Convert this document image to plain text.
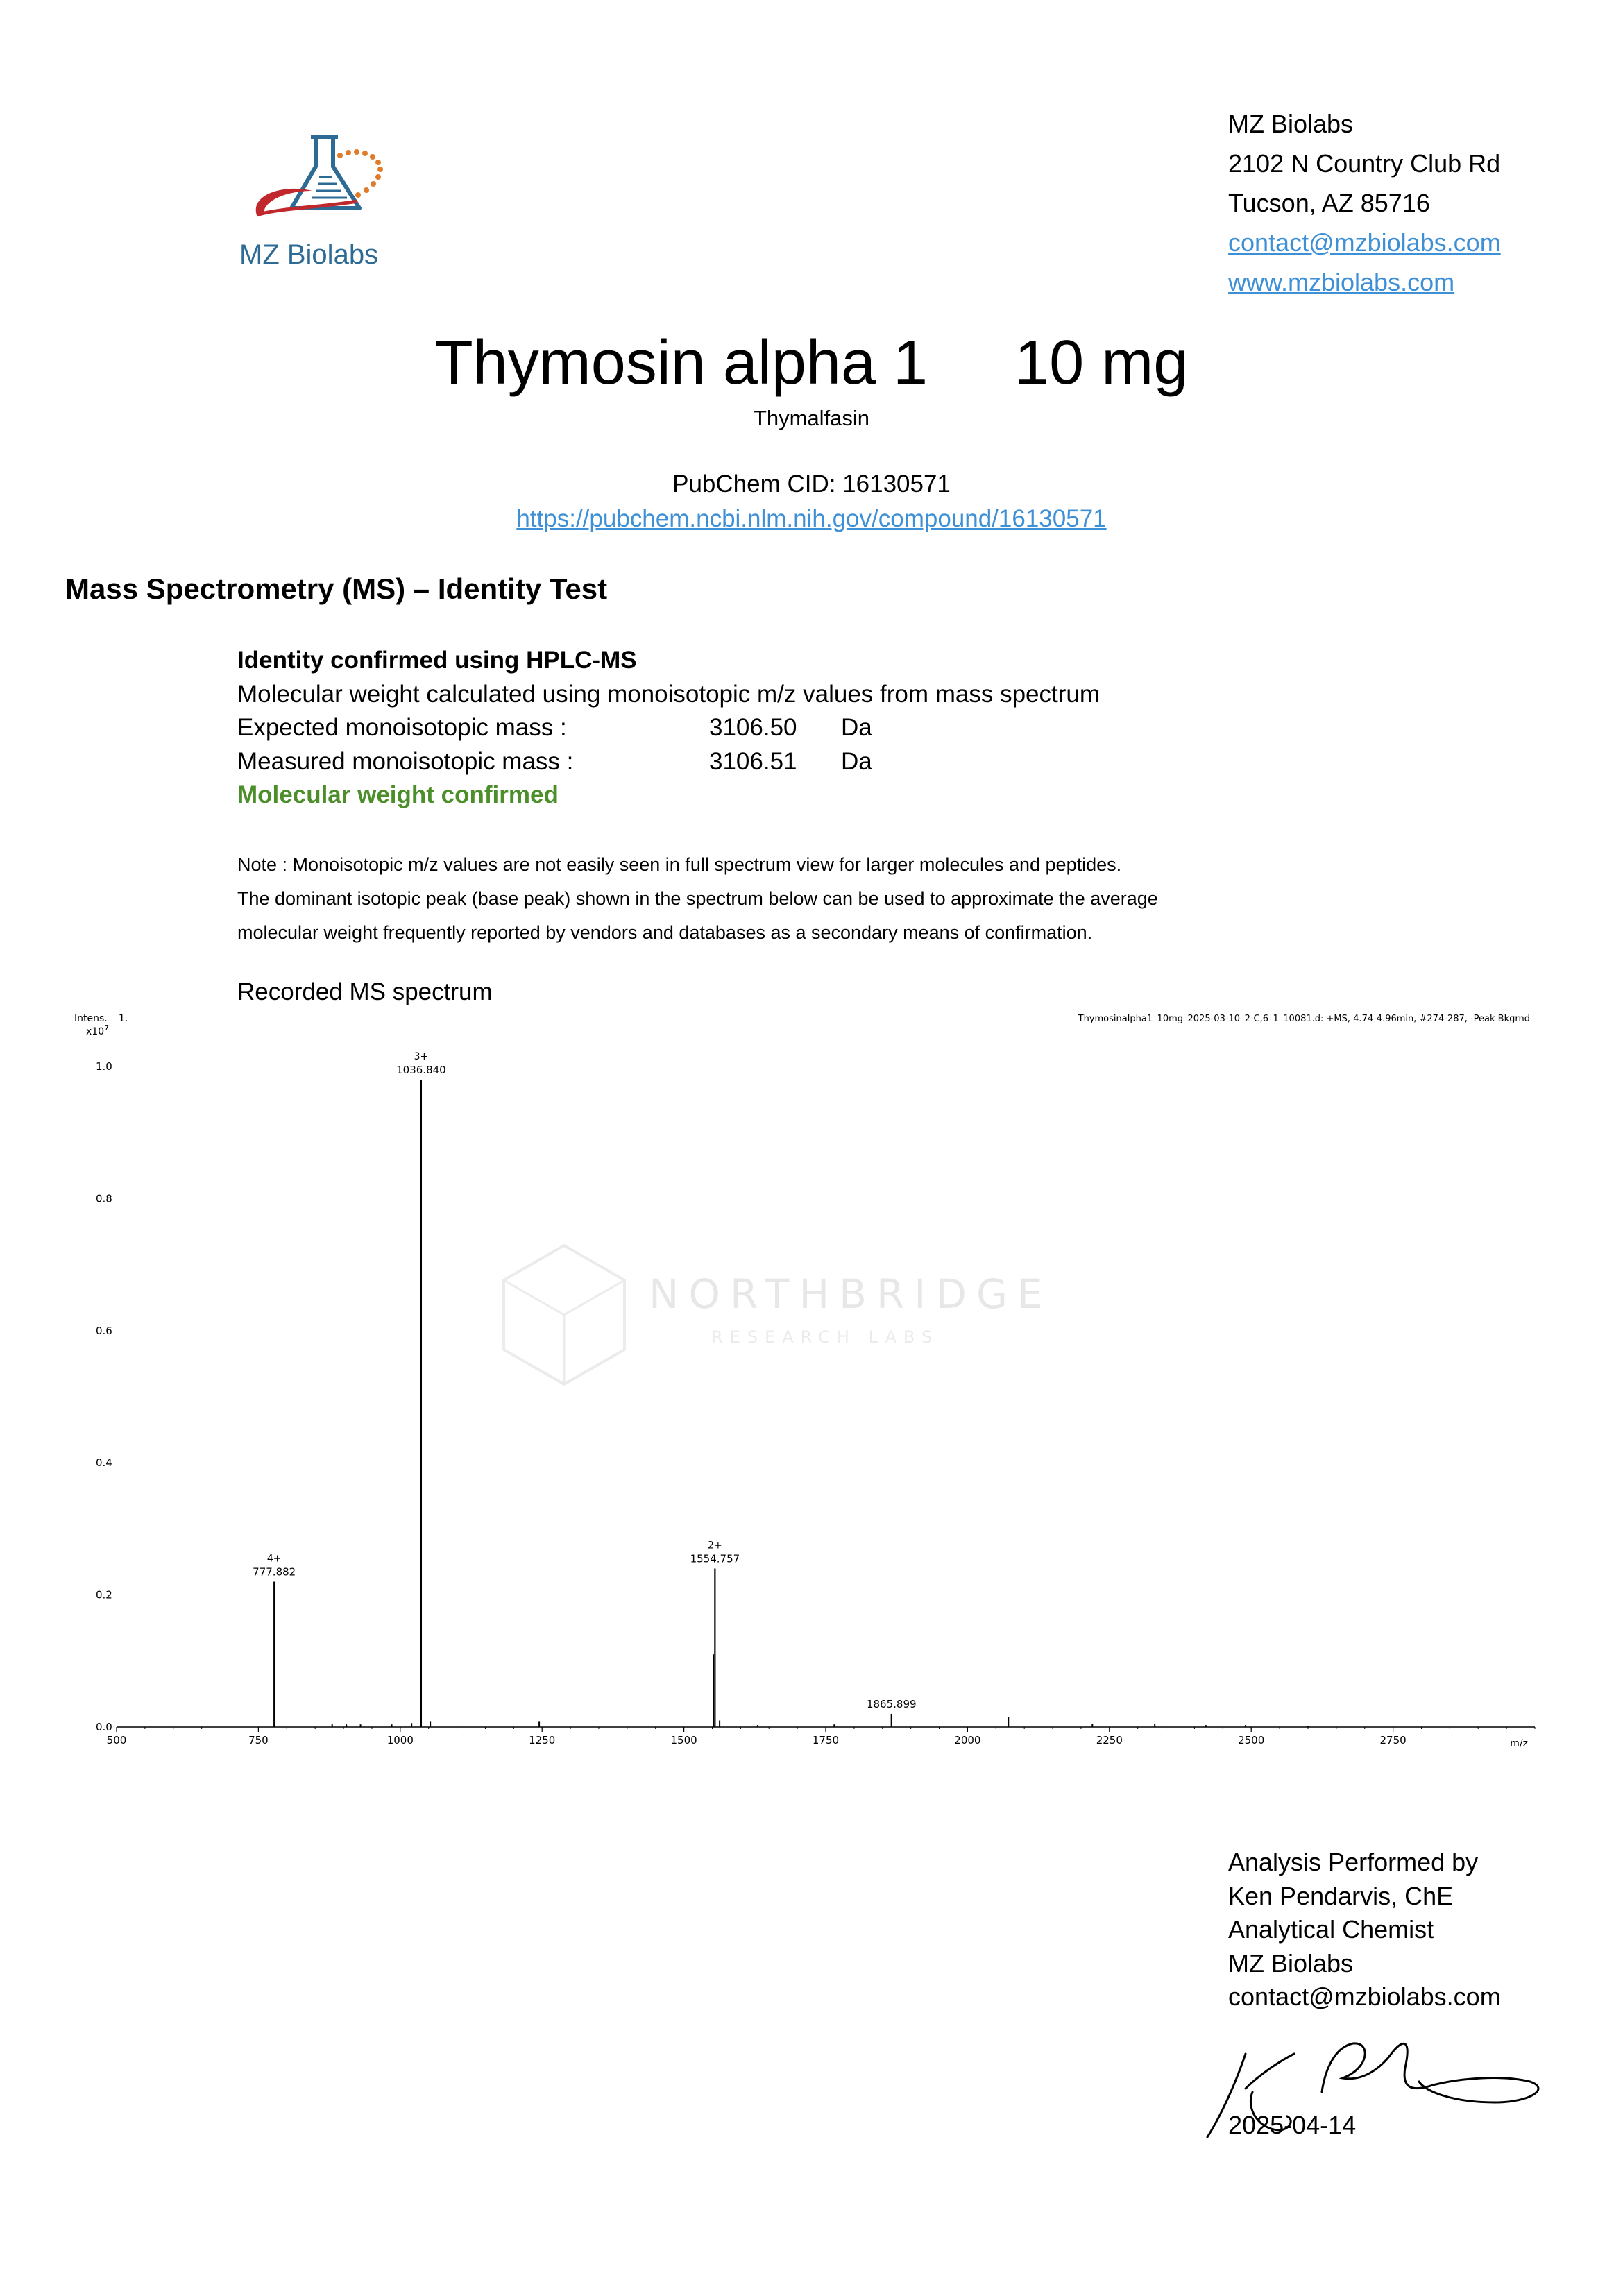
MZ Biolabs
MZ Biolabs
2102 N Country Club Rd
Tucson, AZ 85716
contact@mzbiolabs.com
www.mzbiolabs.com
Thymosin alpha 1     10 mg
Thymalfasin
PubChem CID: 16130571
https://pubchem.ncbi.nlm.nih.gov/compound/16130571
Mass Spectrometry (MS) – Identity Test
Identity confirmed using HPLC-MS
Molecular weight calculated using monoisotopic m/z values from mass spectrum
Expected monoisotopic mass :	3106.50 Da
Measured monoisotopic mass :	3106.51 Da
Molecular weight confirmed
Note : Monoisotopic m/z values are not easily seen in full spectrum view for larger molecules and peptides.
The dominant isotopic peak (base peak) shown in the spectrum below can be used to approximate the average
molecular weight frequently reported by vendors and databases as a secondary means of confirmation.
Recorded MS spectrum
NORTHBRIDGE
RESEARCH LABS
Intens. 1.
$x10^7$
Thymosinalpha1_10mg_2025-03-10_2-C,6_1_10081.d: +MS, 4.74-4.96min, #274-287, -Peak Bkgrnd
m/z
500	750	1000	1250	1500	1750	2000	2250	2500	2750
0.0
0.2
0.4
0.6
0.8
1.0
777.882
4+
1036.840
3+
1554.757
2+
1865.899
Analysis Performed by
Ken Pendarvis, ChE
Analytical Chemist
MZ Biolabs
contact@mzbiolabs.com
2025-04-14
